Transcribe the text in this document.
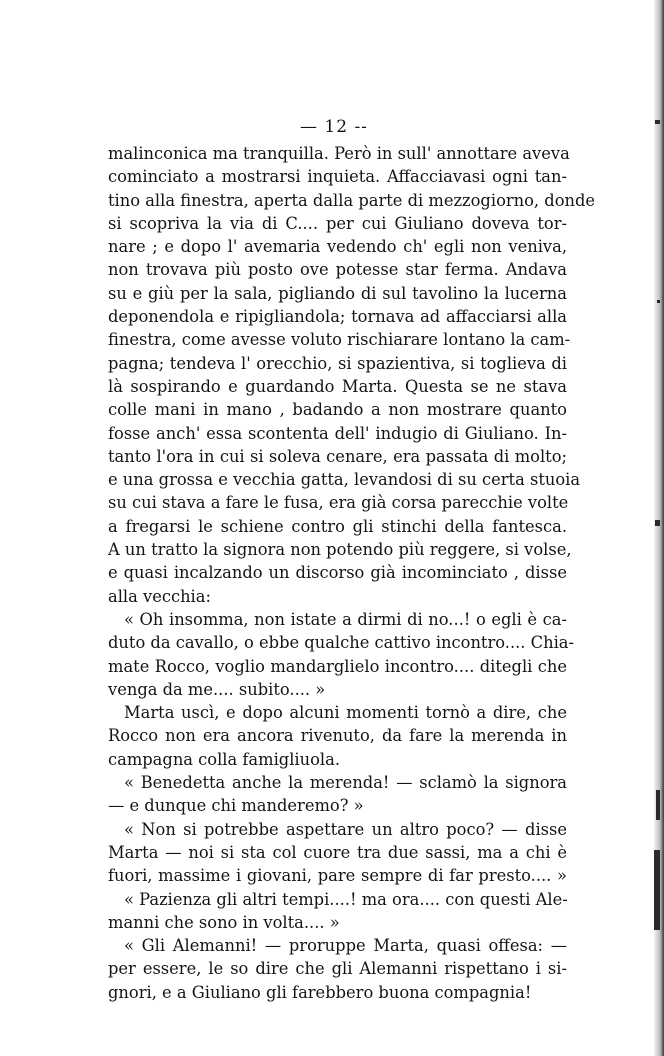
— 12 -‐
malinconica ma tranquilla. Però in sull' annottare aveva
cominciato a mostrarsi inquieta. Affacciavasi ogni tan-
tino alla finestra, aperta dalla parte di mezzogiorno, donde
si scopriva la via di C.... per cui Giuliano doveva tor-
nare ; e dopo l' avemaria vedendo ch' egli non veniva,
non trovava più posto ove potesse star ferma. Andava
su e giù per la sala, pigliando di sul tavolino la lucerna
deponendola e ripigliandola; tornava ad affacciarsi alla
finestra, come avesse voluto rischiarare lontano la cam-
pagna; tendeva l' orecchio, si spazientiva, si toglieva di
là sospirando e guardando Marta. Questa se ne stava
colle mani in mano , badando a non mostrare quanto
fosse anch' essa scontenta dell' indugio di Giuliano. In-
tanto l'ora in cui si soleva cenare, era passata di molto;
e una grossa e vecchia gatta, levandosi di su certa stuoia
su cui stava a fare le fusa, era già corsa parecchie volte
a fregarsi le schiene contro gli stinchi della fantesca.
A un tratto la signora non potendo più reggere, si volse,
e quasi incalzando un discorso già incominciato , disse
alla vecchia:
« Oh insomma, non istate a dirmi di no...! o egli è ca-
duto da cavallo, o ebbe qualche cattivo incontro.... Chia-
mate Rocco, voglio mandarglielo incontro.... ditegli che
venga da me.... subito.... »
Marta uscì, e dopo alcuni momenti tornò a dire, che
Rocco non era ancora rivenuto, da fare la merenda in
campagna colla famigliuola.
« Benedetta anche la merenda! — sclamò la signora
— e dunque chi manderemo? »
« Non si potrebbe aspettare un altro poco? — disse
Marta — noi si sta col cuore tra due sassi, ma a chi è
fuori, massime i giovani, pare sempre di far presto.... »
« Pazienza gli altri tempi....! ma ora.... con questi Ale-
manni che sono in volta.... »
« Gli Alemanni! — proruppe Marta, quasi offesa: —
per essere, le so dire che gli Alemanni rispettano i si-
gnori, e a Giuliano gli farebbero buona compagnia!
